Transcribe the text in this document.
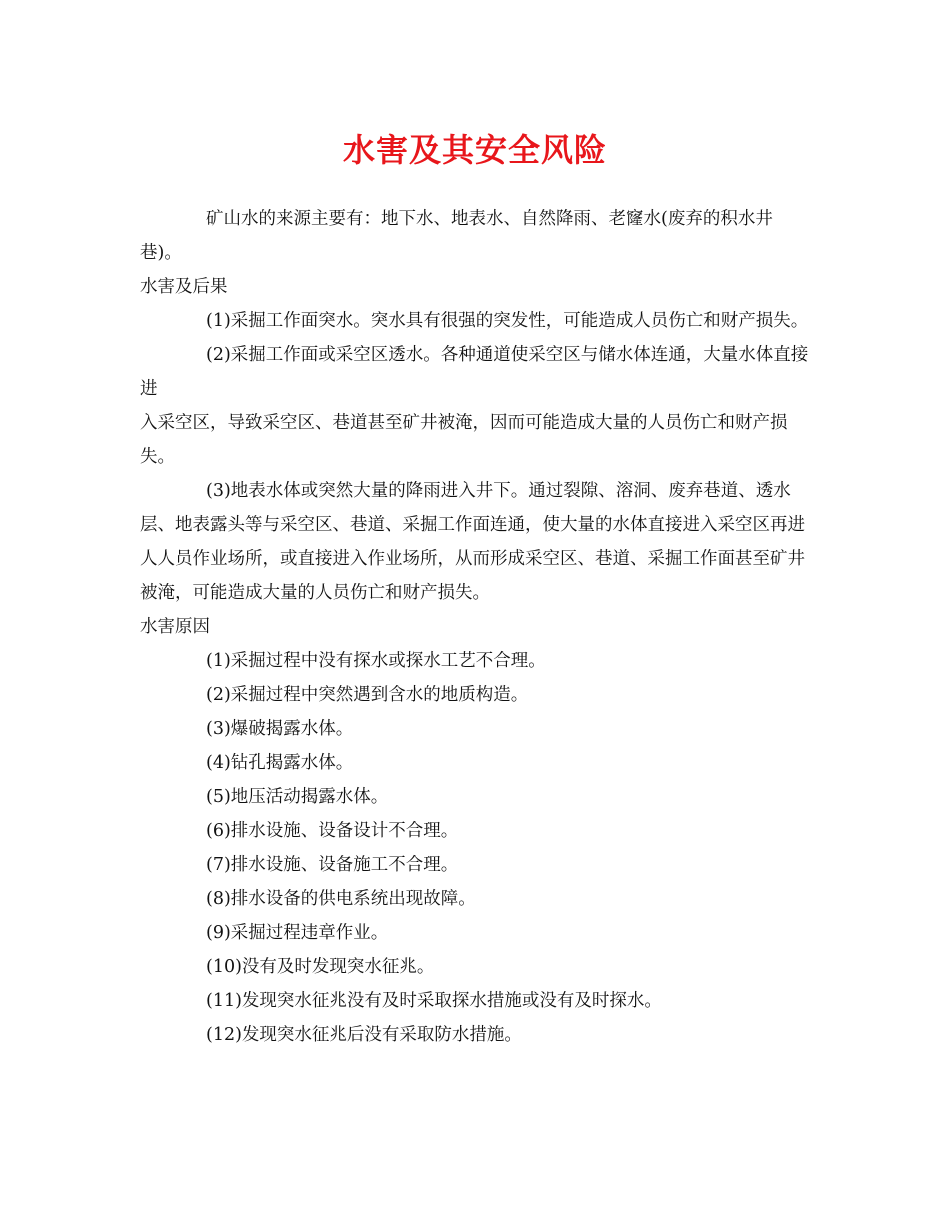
水害及其安全风险

矿山水的来源主要有：地下水、地表水、自然降雨、老窿水(废弃的积水井巷)。

水害及后果

(1)采掘工作面突水。突水具有很强的突发性，可能造成人员伤亡和财产损失。

(2)采掘工作面或采空区透水。各种通道使采空区与储水体连通，大量水体直接进

入采空区，导致采空区、巷道甚至矿井被淹，因而可能造成大量的人员伤亡和财产损失。

(3)地表水体或突然大量的降雨进入井下。通过裂隙、溶洞、废弃巷道、透水层、地表露头等与采空区、巷道、采掘工作面连通，使大量的水体直接进入采空区再进人人员作业场所，或直接进入作业场所，从而形成采空区、巷道、采掘工作面甚至矿井被淹，可能造成大量的人员伤亡和财产损失。

水害原因

(1)采掘过程中没有探水或探水工艺不合理。

(2)采掘过程中突然遇到含水的地质构造。

(3)爆破揭露水体。

(4)钻孔揭露水体。

(5)地压活动揭露水体。

(6)排水设施、设备设计不合理。

(7)排水设施、设备施工不合理。

(8)排水设备的供电系统出现故障。

(9)采掘过程违章作业。

(10)没有及时发现突水征兆。

(11)发现突水征兆没有及时采取探水措施或没有及时探水。

(12)发现突水征兆后没有采取防水措施。
